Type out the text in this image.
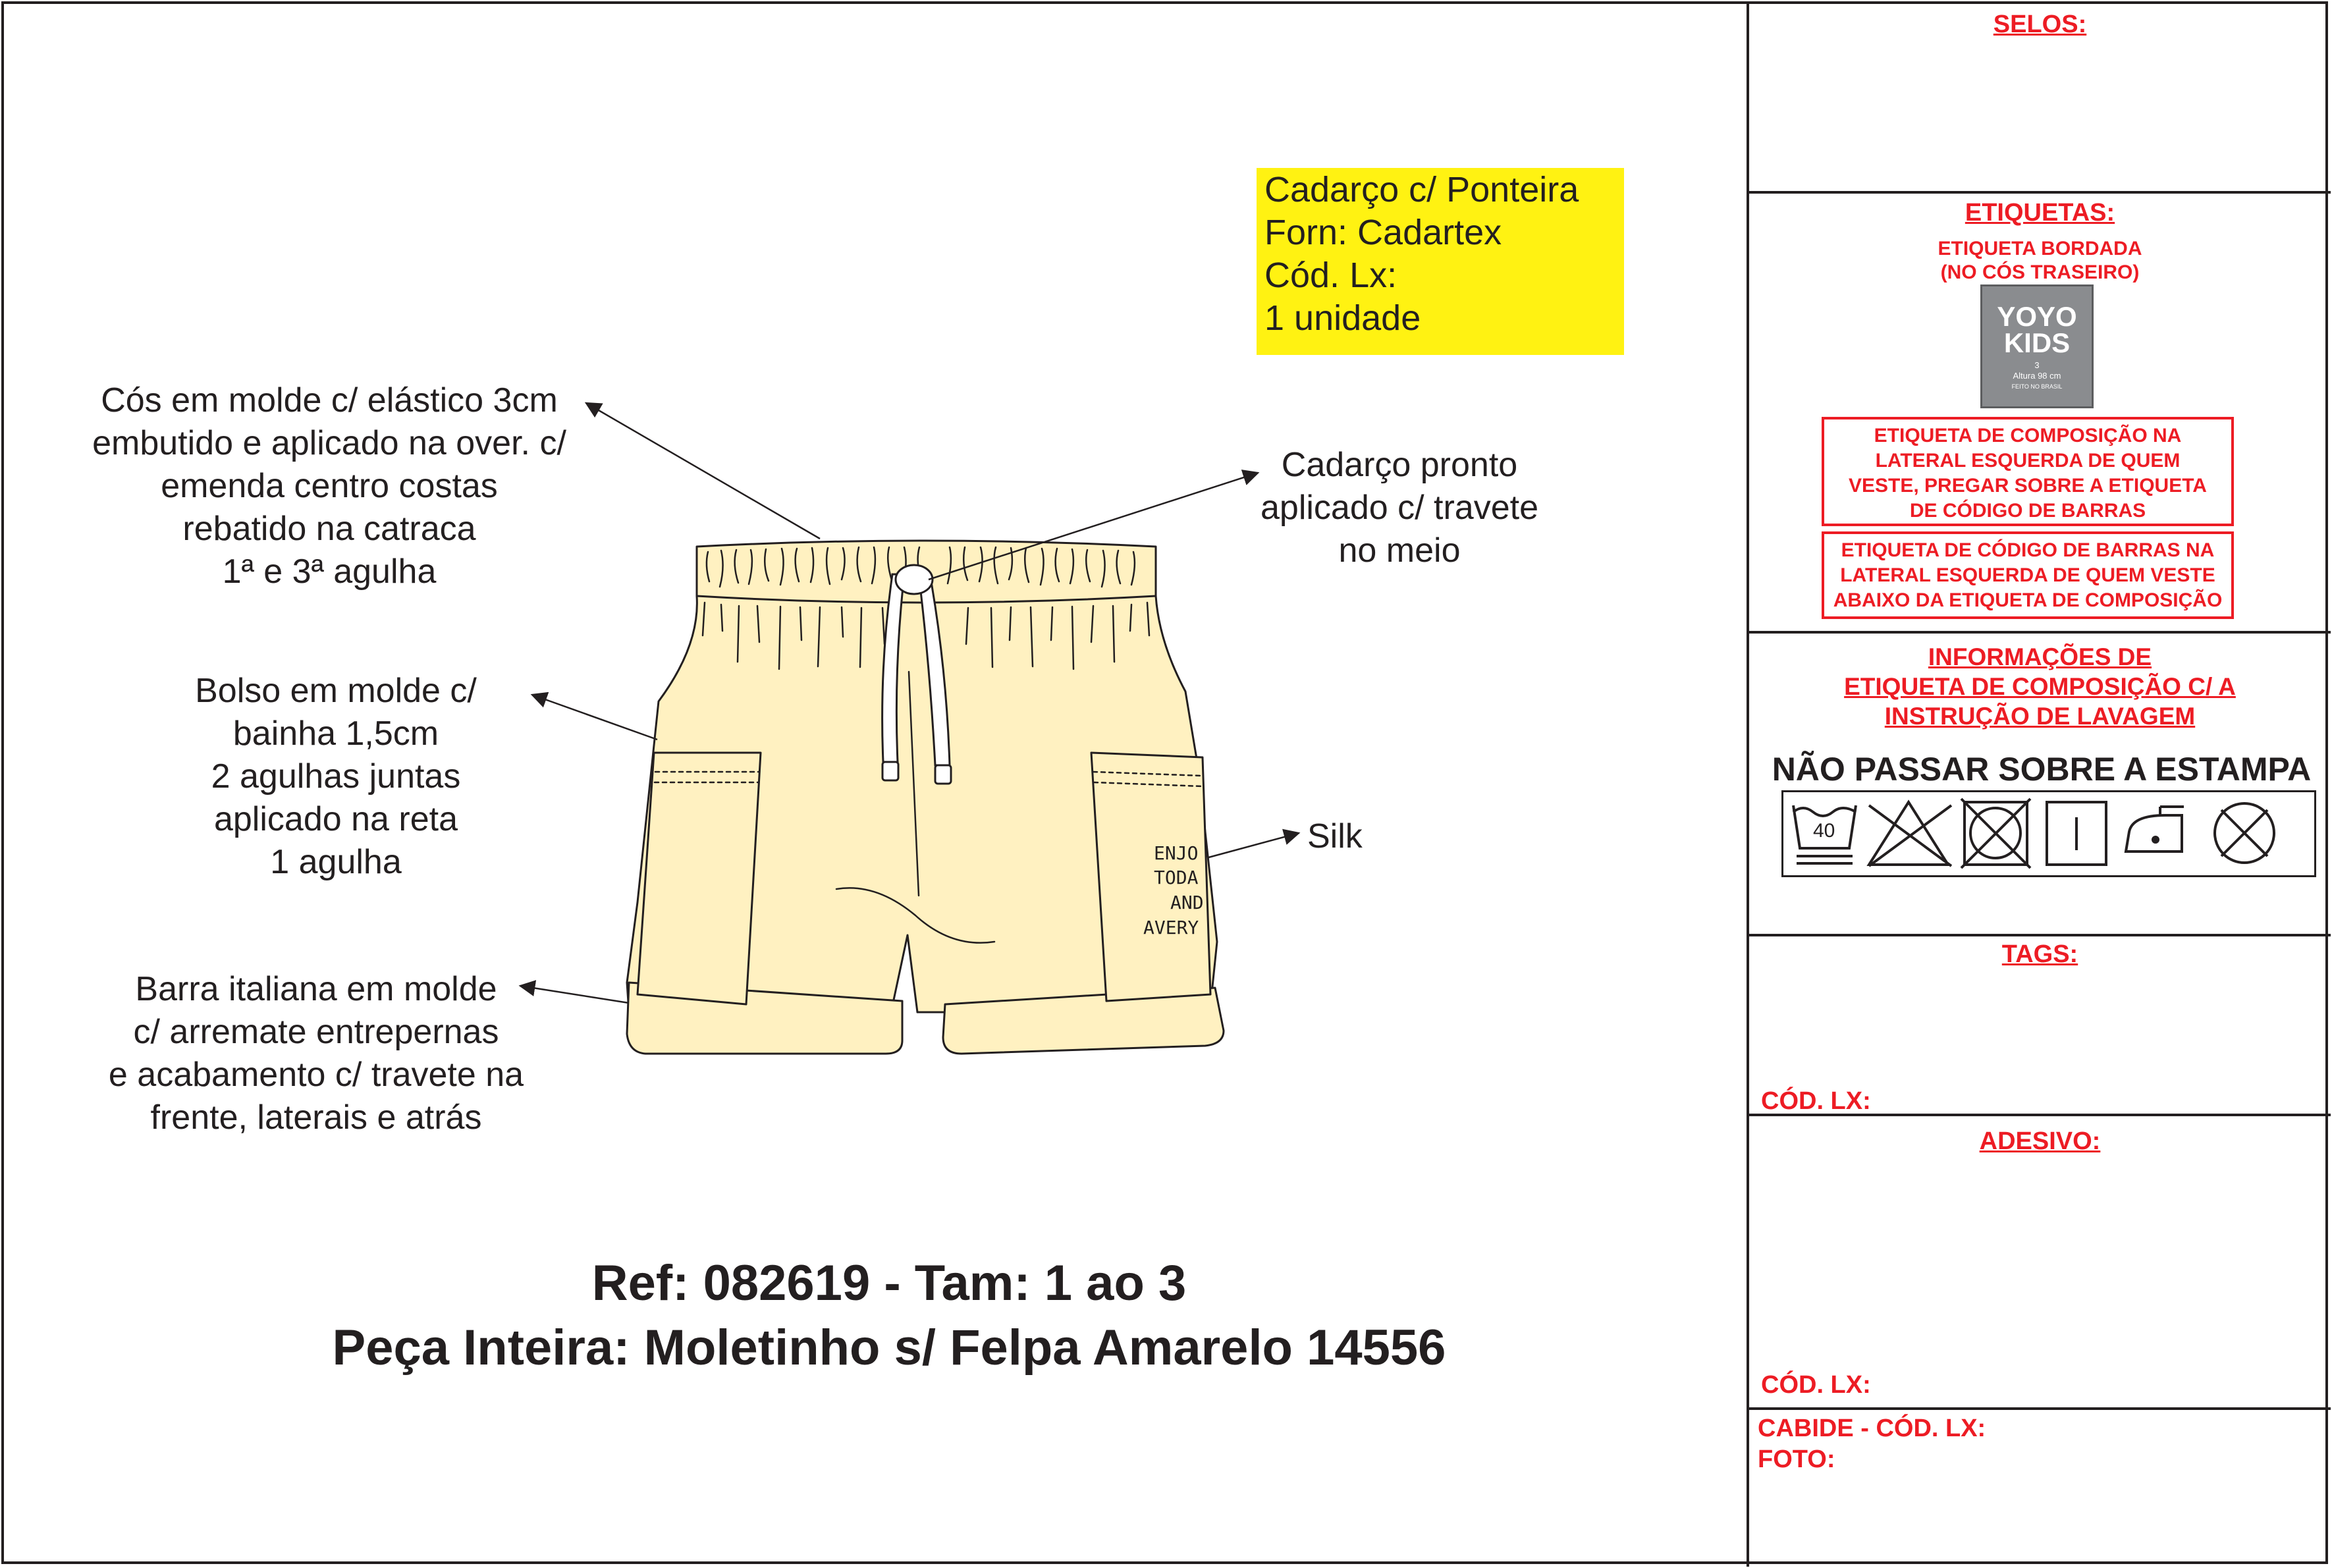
ENJO
TODA
AND
AVERY
Cós em molde c/ elástico 3cm
embutido e aplicado na over. c/
emenda centro costas
rebatido na catraca
1ª e 3ª agulha
Bolso em molde c/
bainha 1,5cm
2 agulhas juntas
aplicado na reta
1 agulha
Barra italiana em molde
c/ arremate entrepernas
e acabamento c/ travete na
frente, laterais e atrás
Cadarço pronto
aplicado c/ travete
no meio
Silk
Cadarço c/ Ponteira
Forn: Cadartex
Cód. Lx:
1 unidade
Ref: 082619 - Tam: 1 ao 3
Peça Inteira: Moletinho s/ Felpa Amarelo 14556
SELOS:
ETIQUETAS:
ETIQUETA BORDADA
(NO CÓS TRASEIRO)
YOYO
KIDS
3
Altura 98 cm
FEITO NO BRASIL
ETIQUETA DE COMPOSIÇÃO NA
LATERAL ESQUERDA DE QUEM
VESTE, PREGAR SOBRE A ETIQUETA
DE CÓDIGO DE BARRAS
ETIQUETA DE CÓDIGO DE BARRAS NA
LATERAL ESQUERDA DE QUEM VESTE
ABAIXO DA ETIQUETA DE COMPOSIÇÃO
INFORMAÇÕES DE
ETIQUETA DE COMPOSIÇÃO C/ A
INSTRUÇÃO DE LAVAGEM
NÃO PASSAR SOBRE A ESTAMPA
40
TAGS:
CÓD. LX:
ADESIVO:
CÓD. LX:
CABIDE - CÓD. LX:
FOTO:
